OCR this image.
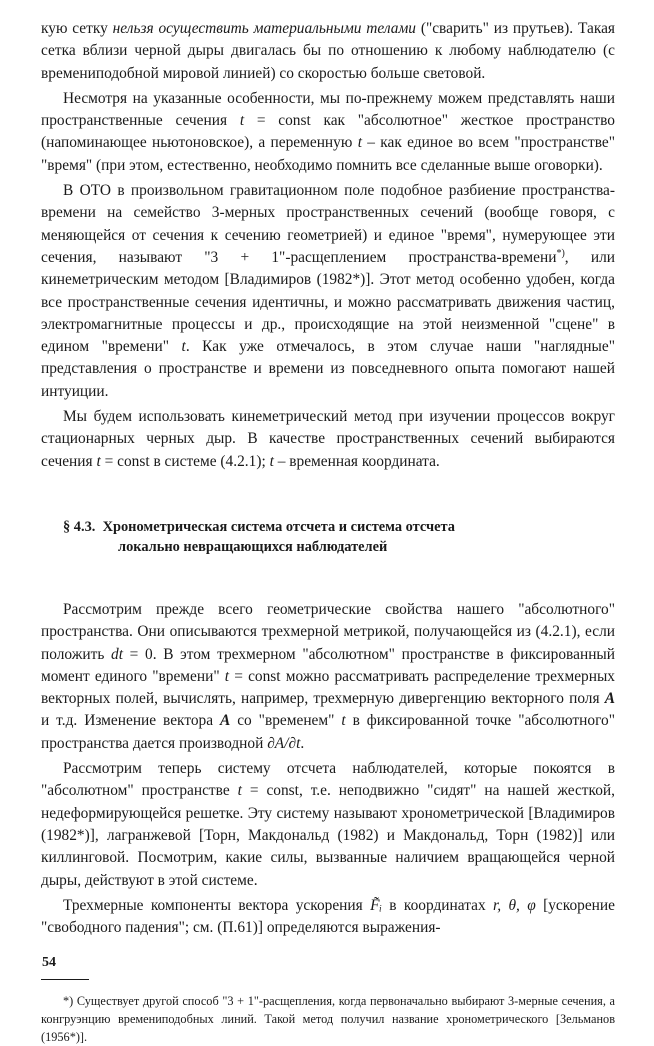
кую сетку нельзя осуществить материальными телами ("сварить" из прутьев). Такая сетка вблизи черной дыры двигалась бы по отношению к любому наблюдателю (с времениподобной мировой линией) со скоростью больше световой.

Несмотря на указанные особенности, мы по-прежнему можем представлять наши пространственные сечения t = const как "абсолютное" жесткое пространство (напоминающее ньютоновское), а переменную t – как единое во всем "пространстве" "время" (при этом, естественно, необходимо помнить все сделанные выше оговорки).

В ОТО в произвольном гравитационном поле подобное разбиение пространства-времени на семейство 3-мерных пространственных сечений (вообще говоря, с меняющейся от сечения к сечению геометрией) и единое "время", нумерующее эти сечения, называют "3 + 1"-расщеплением пространства-времени*), или кинеметрическим методом [Владимиров (1982*)]. Этот метод особенно удобен, когда все пространственные сечения идентичны, и можно рассматривать движения частиц, электромагнитные процессы и др., происходящие на этой неизменной "сцене" в едином "времени" t. Как уже отмечалось, в этом случае наши "наглядные" представления о пространстве и времени из повседневного опыта помогают нашей интуиции.

Мы будем использовать кинеметрический метод при изучении процессов вокруг стационарных черных дыр. В качестве пространственных сечений выбираются сечения t = const в системе (4.2.1); t – временная координата.

§ 4.3. Хронометрическая система отсчета и система отсчета
локально невращающихся наблюдателей

Рассмотрим прежде всего геометрические свойства нашего "абсолютного" пространства. Они описываются трехмерной метрикой, получающейся из (4.2.1), если положить dt = 0. В этом трехмерном "абсолютном" пространстве в фиксированный момент единого "времени" t = const можно рассматривать распределение трехмерных векторных полей, вычислять, например, трехмерную дивергенцию векторного поля A и т.д. Изменение вектора A со "временем" t в фиксированной точке "абсолютного" пространства дается производной ∂A/∂t.

Рассмотрим теперь систему отсчета наблюдателей, которые покоятся в "абсолютном" пространстве t = const, т.е. неподвижно "сидят" на нашей жесткой, недеформирующейся решетке. Эту систему называют хронометрической [Владимиров (1982*)], лагранжевой [Торн, Макдональд (1982) и Макдональд, Торн (1982)] или киллинговой. Посмотрим, какие силы, вызванные наличием вращающейся черной дыры, действуют в этой системе.

Трехмерные компоненты вектора ускорения F̃ᵢ в координатах r, θ, φ [ускорение "свободного падения"; см. (П.61)] определяются выражения-

*) Существует другой способ "3 + 1"-расщепления, когда первоначально выбирают 3-мерные сечения, а конгруэнцию времениподобных линий. Такой метод получил название хронометрического [Зельманов (1956*)].

54
